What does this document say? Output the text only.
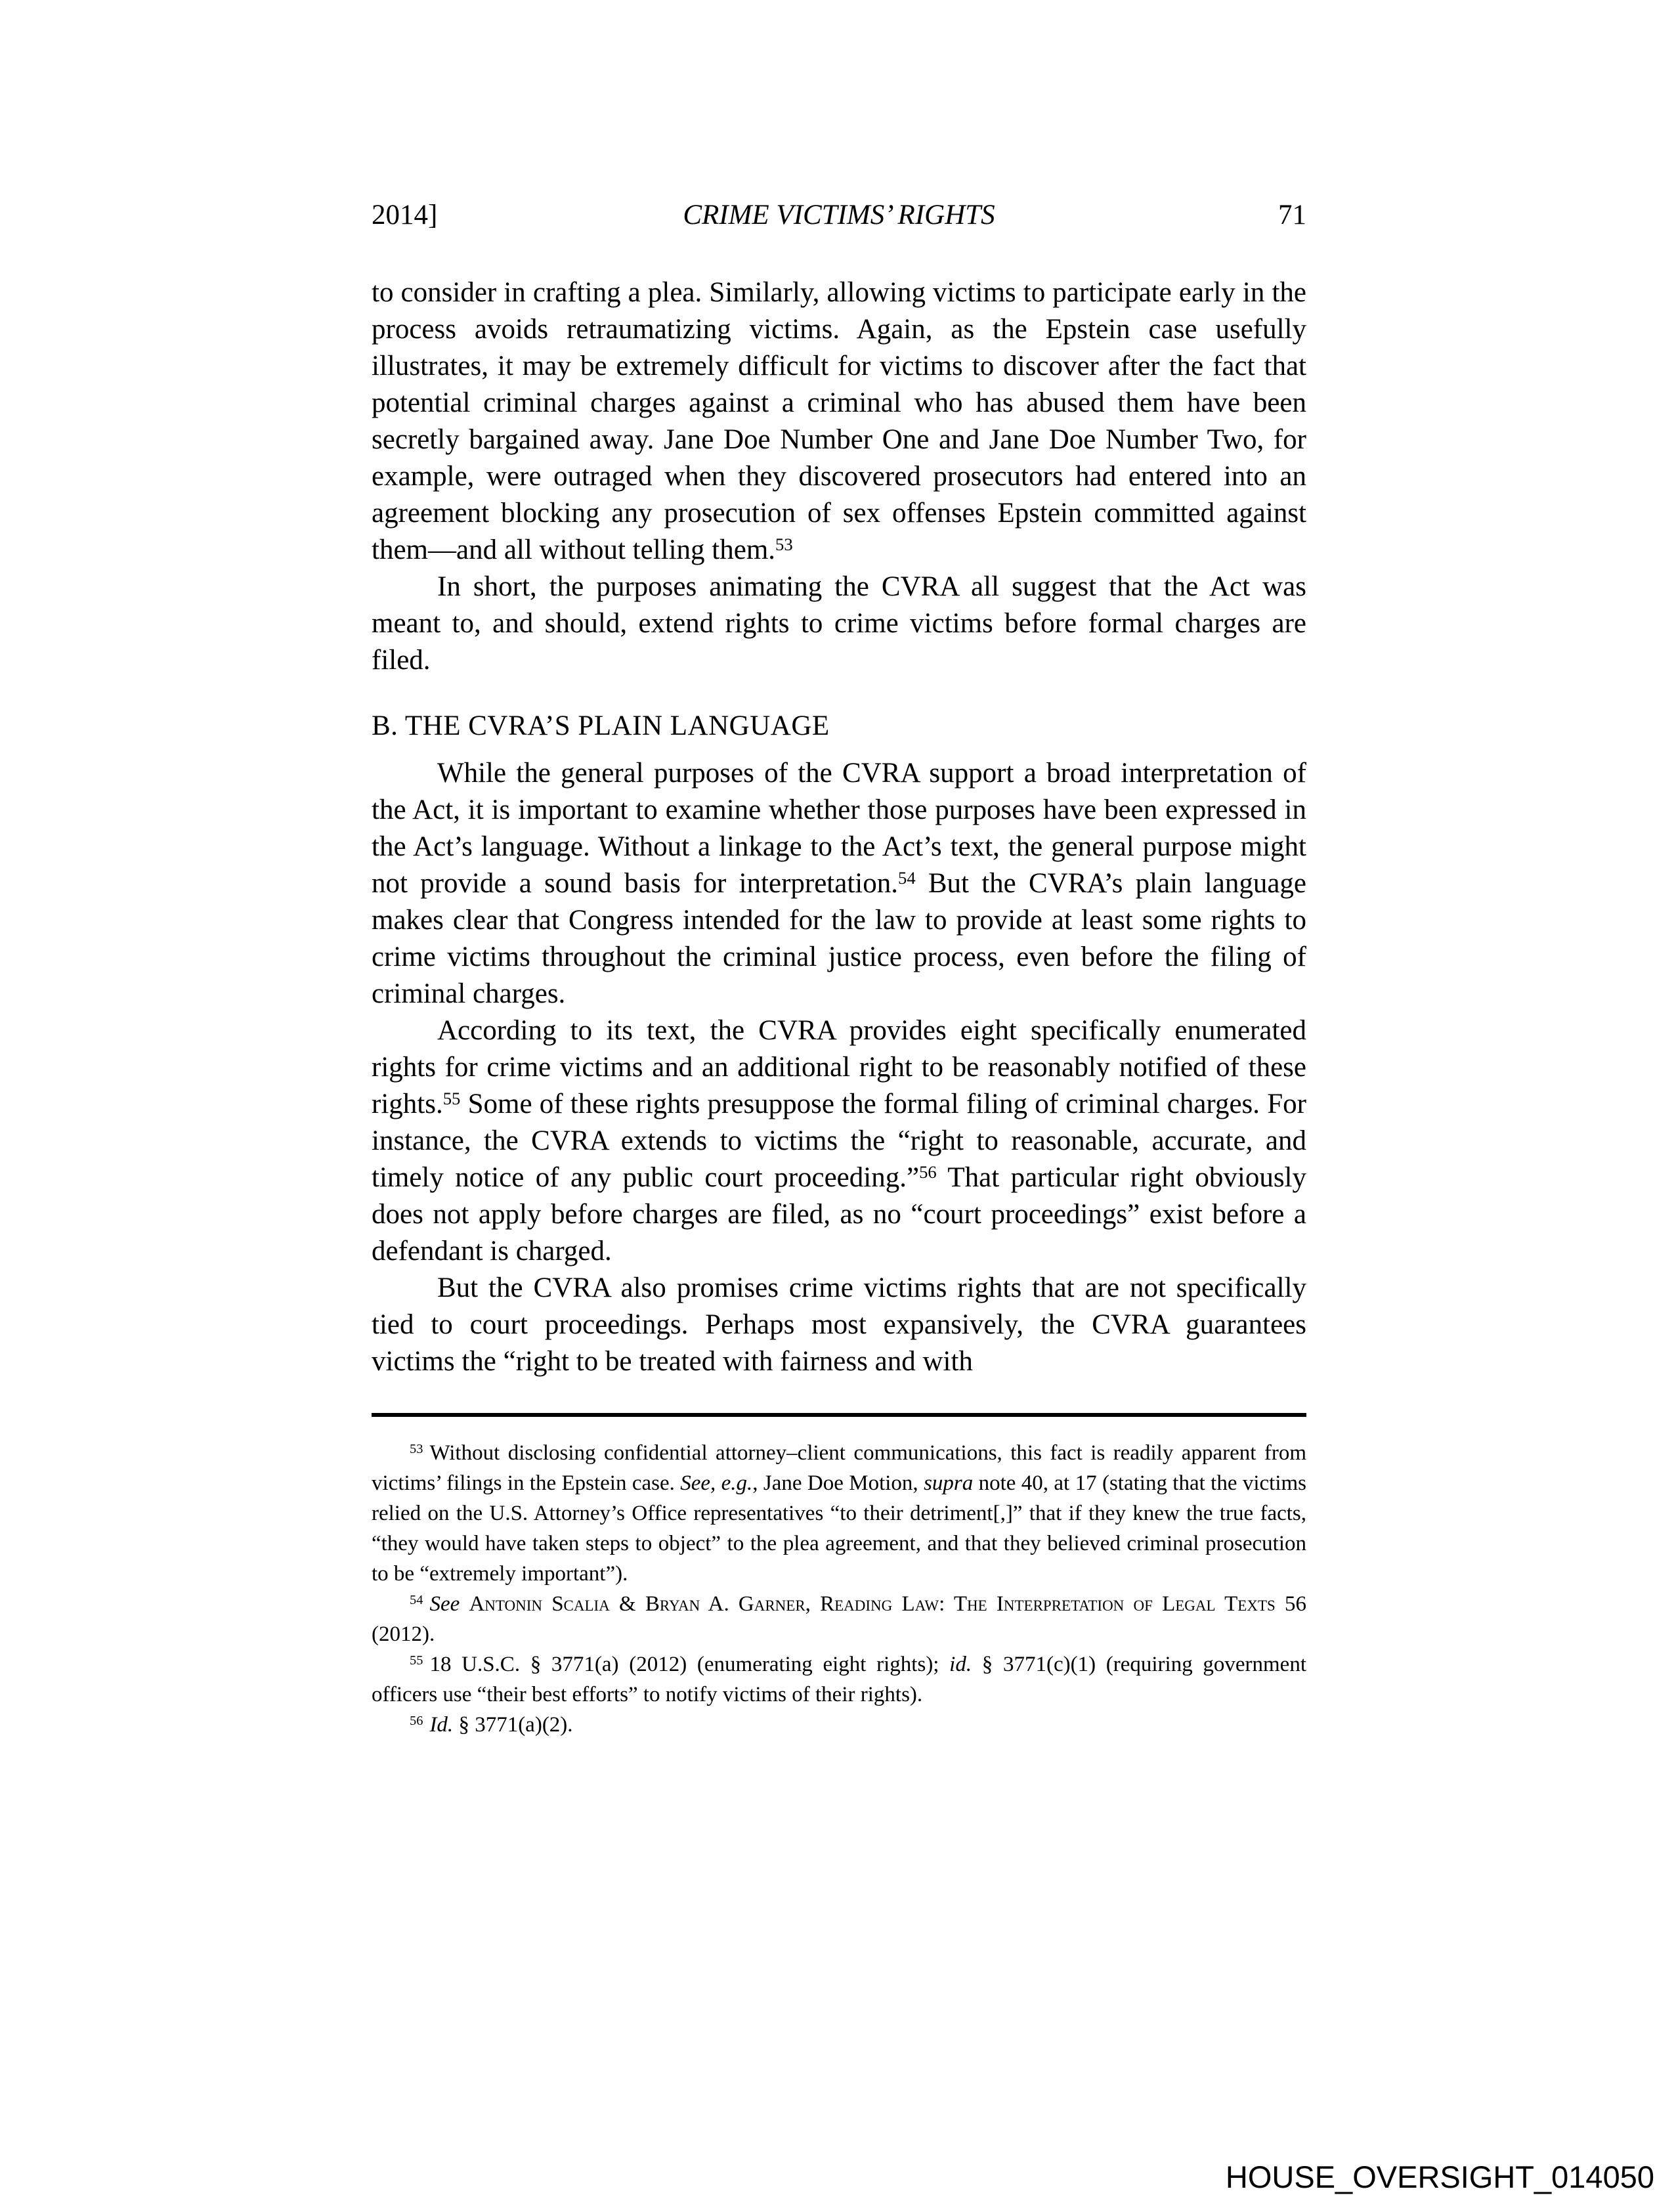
2014]	CRIME VICTIMS’ RIGHTS	71

to consider in crafting a plea. Similarly, allowing victims to participate early in the process avoids retraumatizing victims. Again, as the Epstein case usefully illustrates, it may be extremely difficult for victims to discover after the fact that potential criminal charges against a criminal who has abused them have been secretly bargained away. Jane Doe Number One and Jane Doe Number Two, for example, were outraged when they discovered prosecutors had entered into an agreement blocking any prosecution of sex offenses Epstein committed against them—and all without telling them.$^{53}$

In short, the purposes animating the CVRA all suggest that the Act was meant to, and should, extend rights to crime victims before formal charges are filed.

B. THE CVRA’S PLAIN LANGUAGE

While the general purposes of the CVRA support a broad interpretation of the Act, it is important to examine whether those purposes have been expressed in the Act’s language. Without a linkage to the Act’s text, the general purpose might not provide a sound basis for interpretation.$^{54}$ But the CVRA’s plain language makes clear that Congress intended for the law to provide at least some rights to crime victims throughout the criminal justice process, even before the filing of criminal charges.

According to its text, the CVRA provides eight specifically enumerated rights for crime victims and an additional right to be reasonably notified of these rights.$^{55}$ Some of these rights presuppose the formal filing of criminal charges. For instance, the CVRA extends to victims the “right to reasonable, accurate, and timely notice of any public court proceeding.”$^{56}$ That particular right obviously does not apply before charges are filed, as no “court proceedings” exist before a defendant is charged.

But the CVRA also promises crime victims rights that are not specifically tied to court proceedings. Perhaps most expansively, the CVRA guarantees victims the “right to be treated with fairness and with

$^{53}$ Without disclosing confidential attorney–client communications, this fact is readily apparent from victims’ filings in the Epstein case. See, e.g., Jane Doe Motion, supra note 40, at 17 (stating that the victims relied on the U.S. Attorney’s Office representatives “to their detriment[,]” that if they knew the true facts, “they would have taken steps to object” to the plea agreement, and that they believed criminal prosecution to be “extremely important”).

$^{54}$ See Antonin Scalia & Bryan A. Garner, Reading Law: The Interpretation of Legal Texts 56 (2012).

$^{55}$ 18 U.S.C. § 3771(a) (2012) (enumerating eight rights); id. § 3771(c)(1) (requiring government officers use “their best efforts” to notify victims of their rights).

$^{56}$ Id. § 3771(a)(2).

HOUSE_OVERSIGHT_014050
